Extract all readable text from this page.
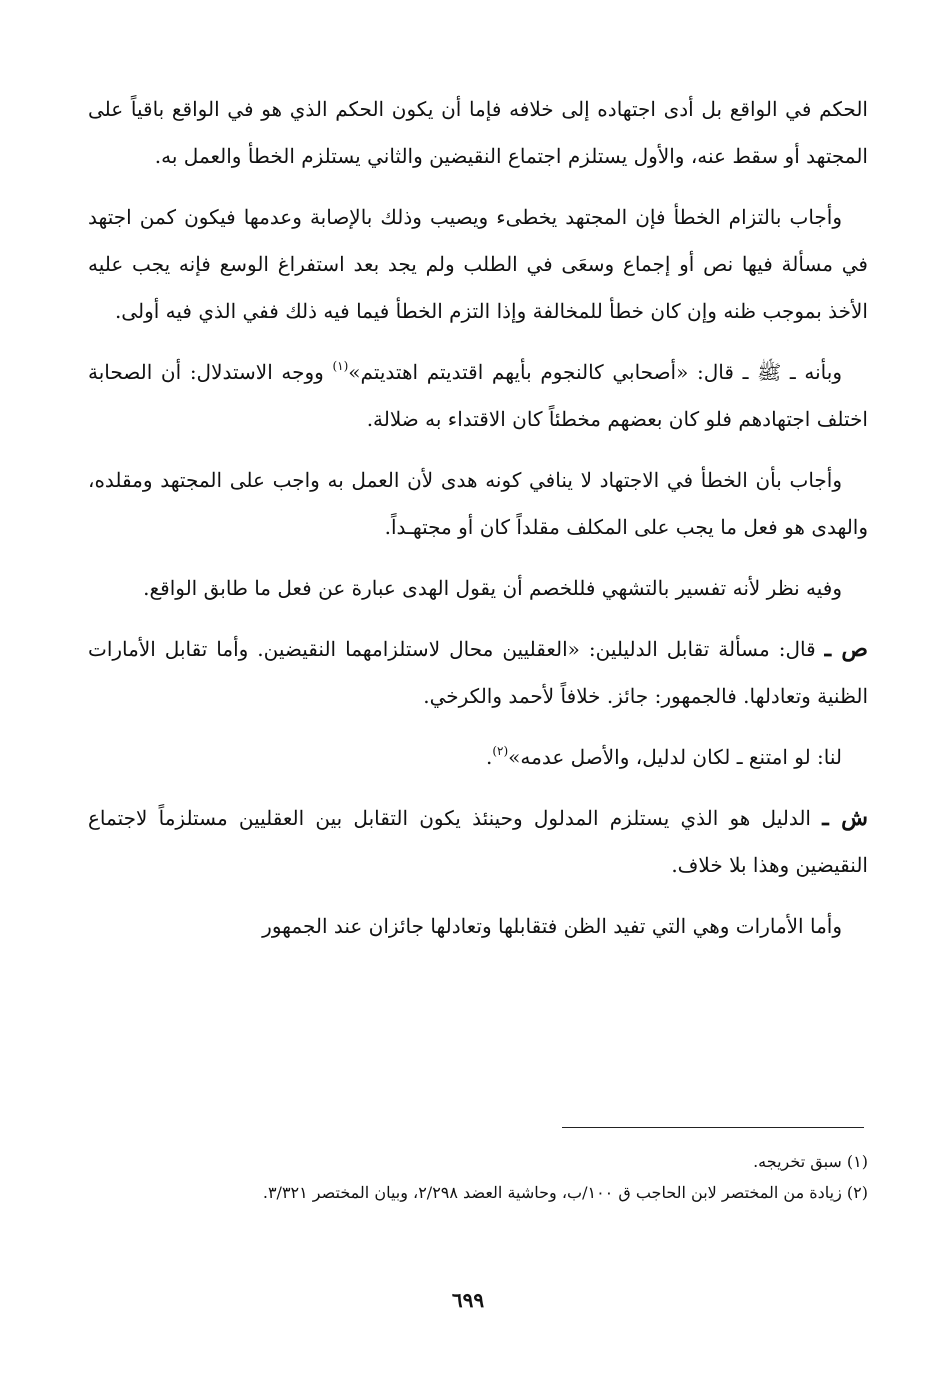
الحكم في الواقع بل أدى اجتهاده إلى خلافه فإما أن يكون الحكم الذي هو في الواقع باقياً على المجتهد أو سقط عنه، والأول يستلزم اجتماع النقيضين والثاني يستلزم الخطأ والعمل به.

وأجاب بالتزام الخطأ فإن المجتهد يخطىء ويصيب وذلك بالإصابة وعدمها فيكون كمن اجتهد في مسألة فيها نص أو إجماع وسعَى في الطلب ولم يجد بعد استفراغ الوسع فإنه يجب عليه الأخذ بموجب ظنه وإن كان خطأ للمخالفة وإذا التزم الخطأ فيما فيه ذلك ففي الذي فيه أولى.

وبأنه ـ ﷺ ـ قال: «أصحابي كالنجوم بأيهم اقتديتم اهتديتم»$^{(١)}$ ووجه الاستدلال: أن الصحابة اختلف اجتهادهم فلو كان بعضهم مخطئاً كان الاقتداء به ضلالة.

وأجاب بأن الخطأ في الاجتهاد لا ينافي كونه هدى لأن العمل به واجب على المجتهد ومقلده، والهدى هو فعل ما يجب على المكلف مقلداً كان أو مجتهـداً.

وفيه نظر لأنه تفسير بالتشهي فللخصم أن يقول الهدى عبارة عن فعل ما طابق الواقع.

ص ـ قال: مسألة تقابل الدليلين: «العقليين محال لاستلزامهما النقيضين. وأما تقابل الأمارات الظنية وتعادلها. فالجمهور: جائز. خلافاً لأحمد والكرخي.

لنا: لو امتنع ـ لكان لدليل، والأصل عدمه»$^{(٢)}$.

ش ـ الدليل هو الذي يستلزم المدلول وحينئذ يكون التقابل بين العقليين مستلزماً لاجتماع النقيضين وهذا بلا خلاف.

وأما الأمارات وهي التي تفيد الظن فتقابلها وتعادلها جائزان عند الجمهور

(١) سبق تخريجه.

(٢) زيادة من المختصر لابن الحاجب ق ١٠٠/ب، وحاشية العضد ٢/٢٩٨، وبيان المختصر ٣/٣٢١.

٦٩٩
